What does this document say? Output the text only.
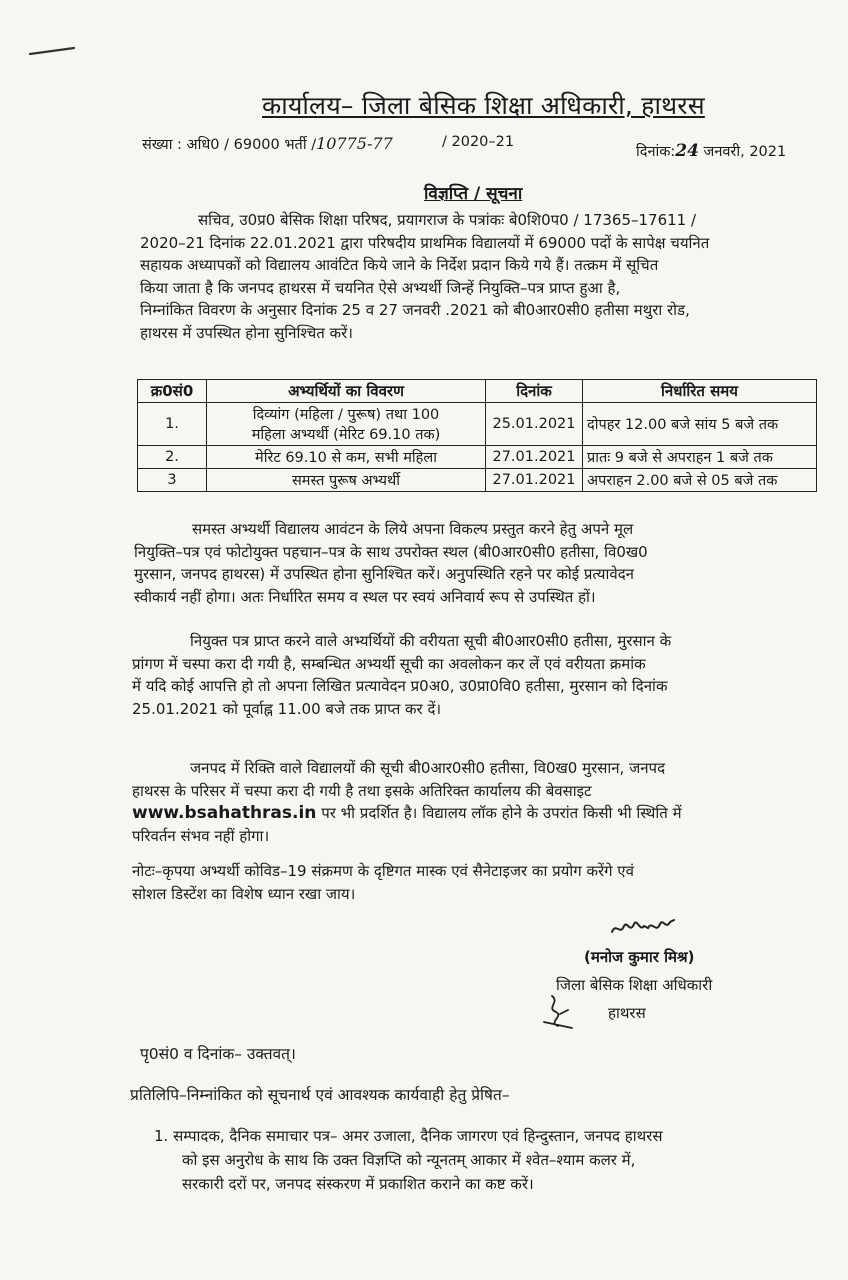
कार्यालय– जिला बेसिक शिक्षा अधिकारी, हाथरस
संख्या : अधि0 / 69000 भर्ती /10775-77	/ 2020–21
दिनांक:24 जनवरी, 2021
विज्ञप्ति / सूचना
सचिव, उ0प्र0 बेसिक शिक्षा परिषद, प्रयागराज के पत्रांकः बे0शि0प0 / 17365–17611 /
2020–21 दिनांक 22.01.2021 द्वारा परिषदीय प्राथमिक विद्यालयों में 69000 पदों के सापेक्ष चयनित
सहायक अध्यापकों को विद्यालय आवंटित किये जाने के निर्देश प्रदान किये गये हैं। तत्क्रम में सूचित
किया जाता है कि जनपद हाथरस में चयनित ऐसे अभ्यर्थी जिन्हें नियुक्ति–पत्र प्राप्त हुआ है,
निम्नांकित विवरण के अनुसार दिनांक 25 व 27 जनवरी .2021 को बी0आर0सी0 हतीसा मथुरा रोड,
हाथरस में उपस्थित होना सुनिश्चित करें।
क्र0सं0	अभ्यर्थियों का विवरण	दिनांक	निर्धारित समय
1.	दिव्यांग (महिला / पुरूष) तथा 100
महिला अभ्यर्थी (मेरिट 69.10 तक)	25.01.2021	दोपहर 12.00 बजे सांय 5 बजे तक
2.	मेरिट 69.10 से कम, सभी महिला	27.01.2021	प्रातः 9 बजे से अपराहन 1 बजे तक
3	समस्त पुरूष अभ्यर्थी	27.01.2021	अपराहन 2.00 बजे से 05 बजे तक
समस्त अभ्यर्थी विद्यालय आवंटन के लिये अपना विकल्प प्रस्तुत करने हेतु अपने मूल
नियुक्ति–पत्र एवं फोटोयुक्त पहचान–पत्र के साथ उपरोक्त स्थल (बी0आर0सी0 हतीसा, वि0ख0
मुरसान, जनपद हाथरस) में उपस्थित होना सुनिश्चित करें। अनुपस्थिति रहने पर कोई प्रत्यावेदन
स्वीकार्य नहीं होगा। अतः निर्धारित समय व स्थल पर स्वयं अनिवार्य रूप से उपस्थित हों।
नियुक्त पत्र प्राप्त करने वाले अभ्यर्थियों की वरीयता सूची बी0आर0सी0 हतीसा, मुरसान के
प्रांगण में चस्पा करा दी गयी है, सम्बन्धित अभ्यर्थी सूची का अवलोकन कर लें एवं वरीयता क्रमांक
में यदि कोई आपत्ति हो तो अपना लिखित प्रत्यावेदन प्र0अ0, उ0प्रा0वि0 हतीसा, मुरसान को दिनांक
25.01.2021 को पूर्वाह्न 11.00 बजे तक प्राप्त कर दें।
जनपद में रिक्ति वाले विद्यालयों की सूची बी0आर0सी0 हतीसा, वि0ख0 मुरसान, जनपद
हाथरस के परिसर में चस्पा करा दी गयी है तथा इसके अतिरिक्त कार्यालय की बेवसाइट
www.bsahathras.in पर भी प्रदर्शित है। विद्यालय लॉक होने के उपरांत किसी भी स्थिति में
परिवर्तन संभव नहीं होगा।
नोटः–कृपया अभ्यर्थी कोविड–19 संक्रमण के दृष्टिगत मास्क एवं सैनेटाइजर का प्रयोग करेंगे एवं
सोशल डिस्टेंश का विशेष ध्यान रखा जाय।
(मनोज कुमार मिश्र)
जिला बेसिक शिक्षा अधिकारी
हाथरस
पृ0सं0 व दिनांक– उक्तवत्।
प्रतिलिपि–निम्नांकित को सूचनार्थ एवं आवश्यक कार्यवाही हेतु प्रेषित–
1. सम्पादक, दैनिक समाचार पत्र– अमर उजाला, दैनिक जागरण एवं हिन्दुस्तान, जनपद हाथरस
को इस अनुरोध के साथ कि उक्त विज्ञप्ति को न्यूनतम् आकार में श्वेत–श्याम कलर में,
सरकारी दरों पर, जनपद संस्करण में प्रकाशित कराने का कष्ट करें।
